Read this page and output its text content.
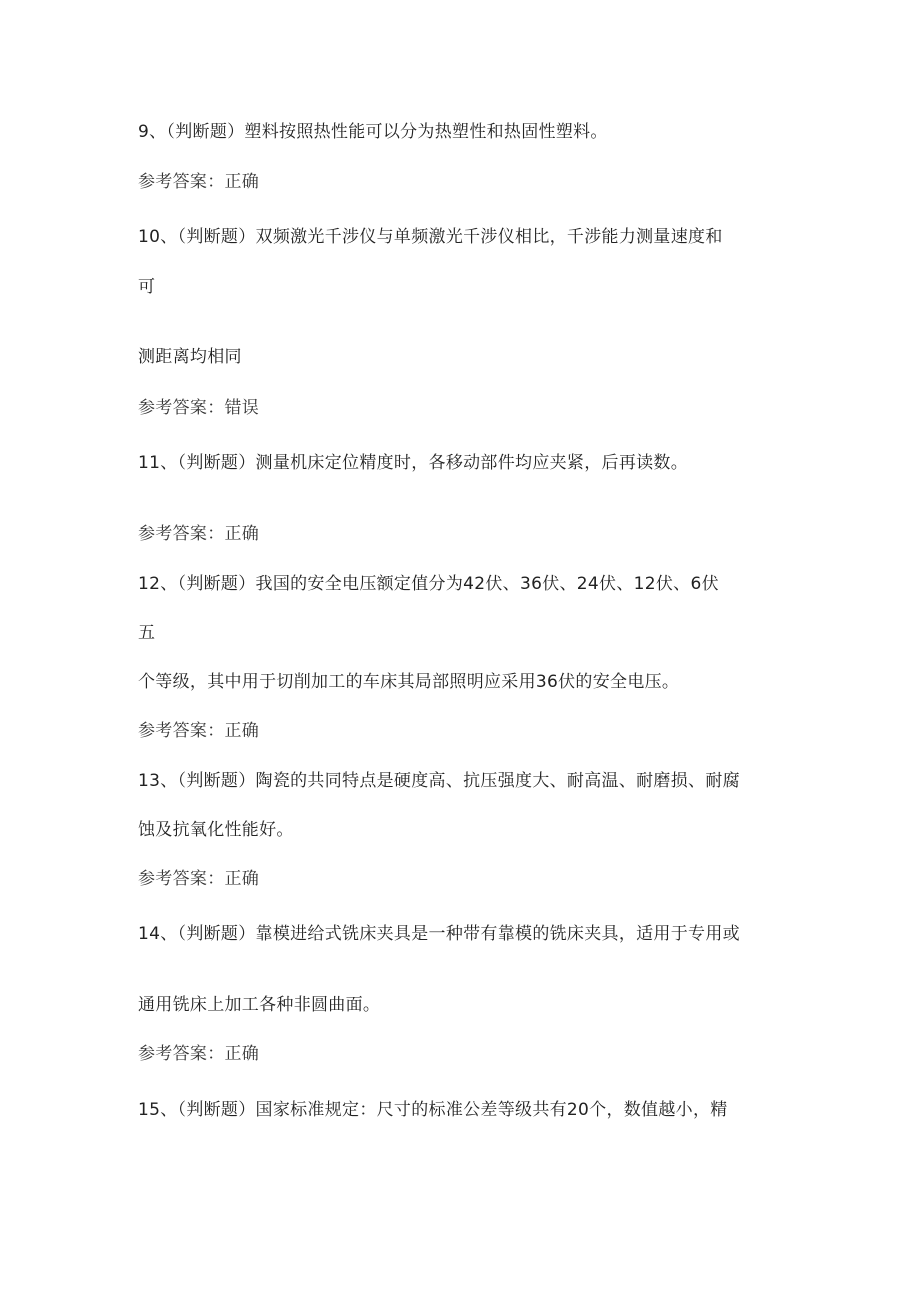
9、（判断题）塑料按照热性能可以分为热塑性和热固性塑料。
参考答案：正确
10、（判断题）双频激光千涉仪与单频激光千涉仪相比，千涉能力测量速度和
可
测距离均相同
参考答案：错误
11、（判断题）测量机床定位精度时，各移动部件均应夹紧，后再读数。
参考答案：正确
12、（判断题）我国的安全电压额定值分为42伏、36伏、24伏、12伏、6伏
五
个等级，其中用于切削加工的车床其局部照明应采用36伏的安全电压。
参考答案：正确
13、（判断题）陶瓷的共同特点是硬度高、抗压强度大、耐高温、耐磨损、耐腐
蚀及抗氧化性能好。
参考答案：正确
14、（判断题）靠模进给式铣床夹具是一种带有靠模的铣床夹具，适用于专用或
通用铣床上加工各种非圆曲面。
参考答案：正确
15、（判断题）国家标准规定：尺寸的标准公差等级共有20个，数值越小，精
